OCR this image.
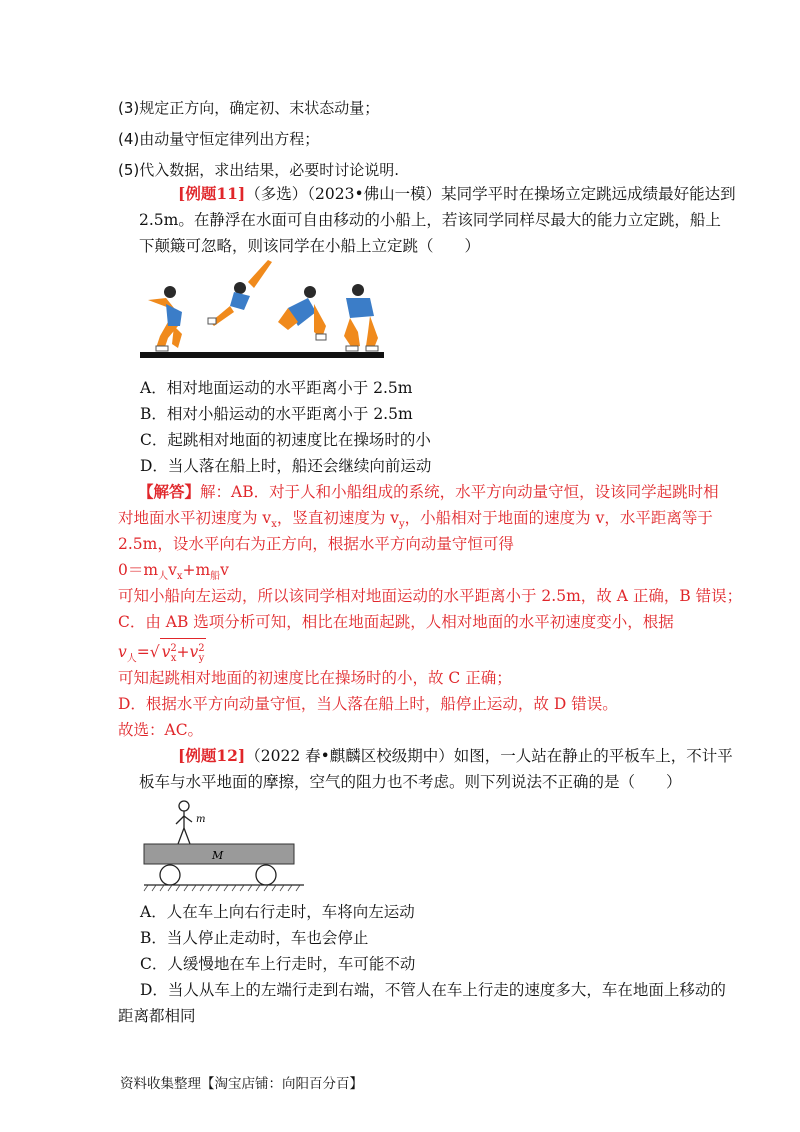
(3)规定正方向，确定初、末状态动量；
(4)由动量守恒定律列出方程；
(5)代入数据，求出结果，必要时讨论说明.
[例题11]（多选）（2023•佛山一模）某同学平时在操场立定跳远成绩最好能达到
2.5m。在静浮在水面可自由移动的小船上，若该同学同样尽最大的能力立定跳，船上
下颠簸可忽略，则该同学在小船上立定跳（　　）
A．相对地面运动的水平距离小于 2.5m
B．相对小船运动的水平距离小于 2.5m
C．起跳相对地面的初速度比在操场时的小
D．当人落在船上时，船还会继续向前运动
【解答】解：AB．对于人和小船组成的系统，水平方向动量守恒，设该同学起跳时相
对地面水平初速度为 $v_x$，竖直初速度为 $v_y$，小船相对于地面的速度为 v，水平距离等于
2.5m，设水平向右为正方向，根据水平方向动量守恒可得
$0=m_人v_x+m_船v$
可知小船向左运动，所以该同学相对地面运动的水平距离小于 2.5m，故 A 正确，B 错误；
C．由 AB 选项分析可知，相比在地面起跳，人相对地面的水平初速度变小，根据
$v_人=√$ $v^2_x+v^2_y$
可知起跳相对地面的初速度比在操场时的小，故 C 正确；
D．根据水平方向动量守恒，当人落在船上时，船停止运动，故 D 错误。
故选：AC。
[例题12]（2022 春•麒麟区校级期中）如图，一人站在静止的平板车上，不计平
板车与水平地面的摩擦，空气的阻力也不考虑。则下列说法不正确的是（　　）
m
M
A．人在车上向右行走时，车将向左运动
B．当人停止走动时，车也会停止
C．人缓慢地在车上行走时，车可能不动
D．当人从车上的左端行走到右端，不管人在车上行走的速度多大，车在地面上移动的
距离都相同
资料收集整理【淘宝店铺：向阳百分百】
